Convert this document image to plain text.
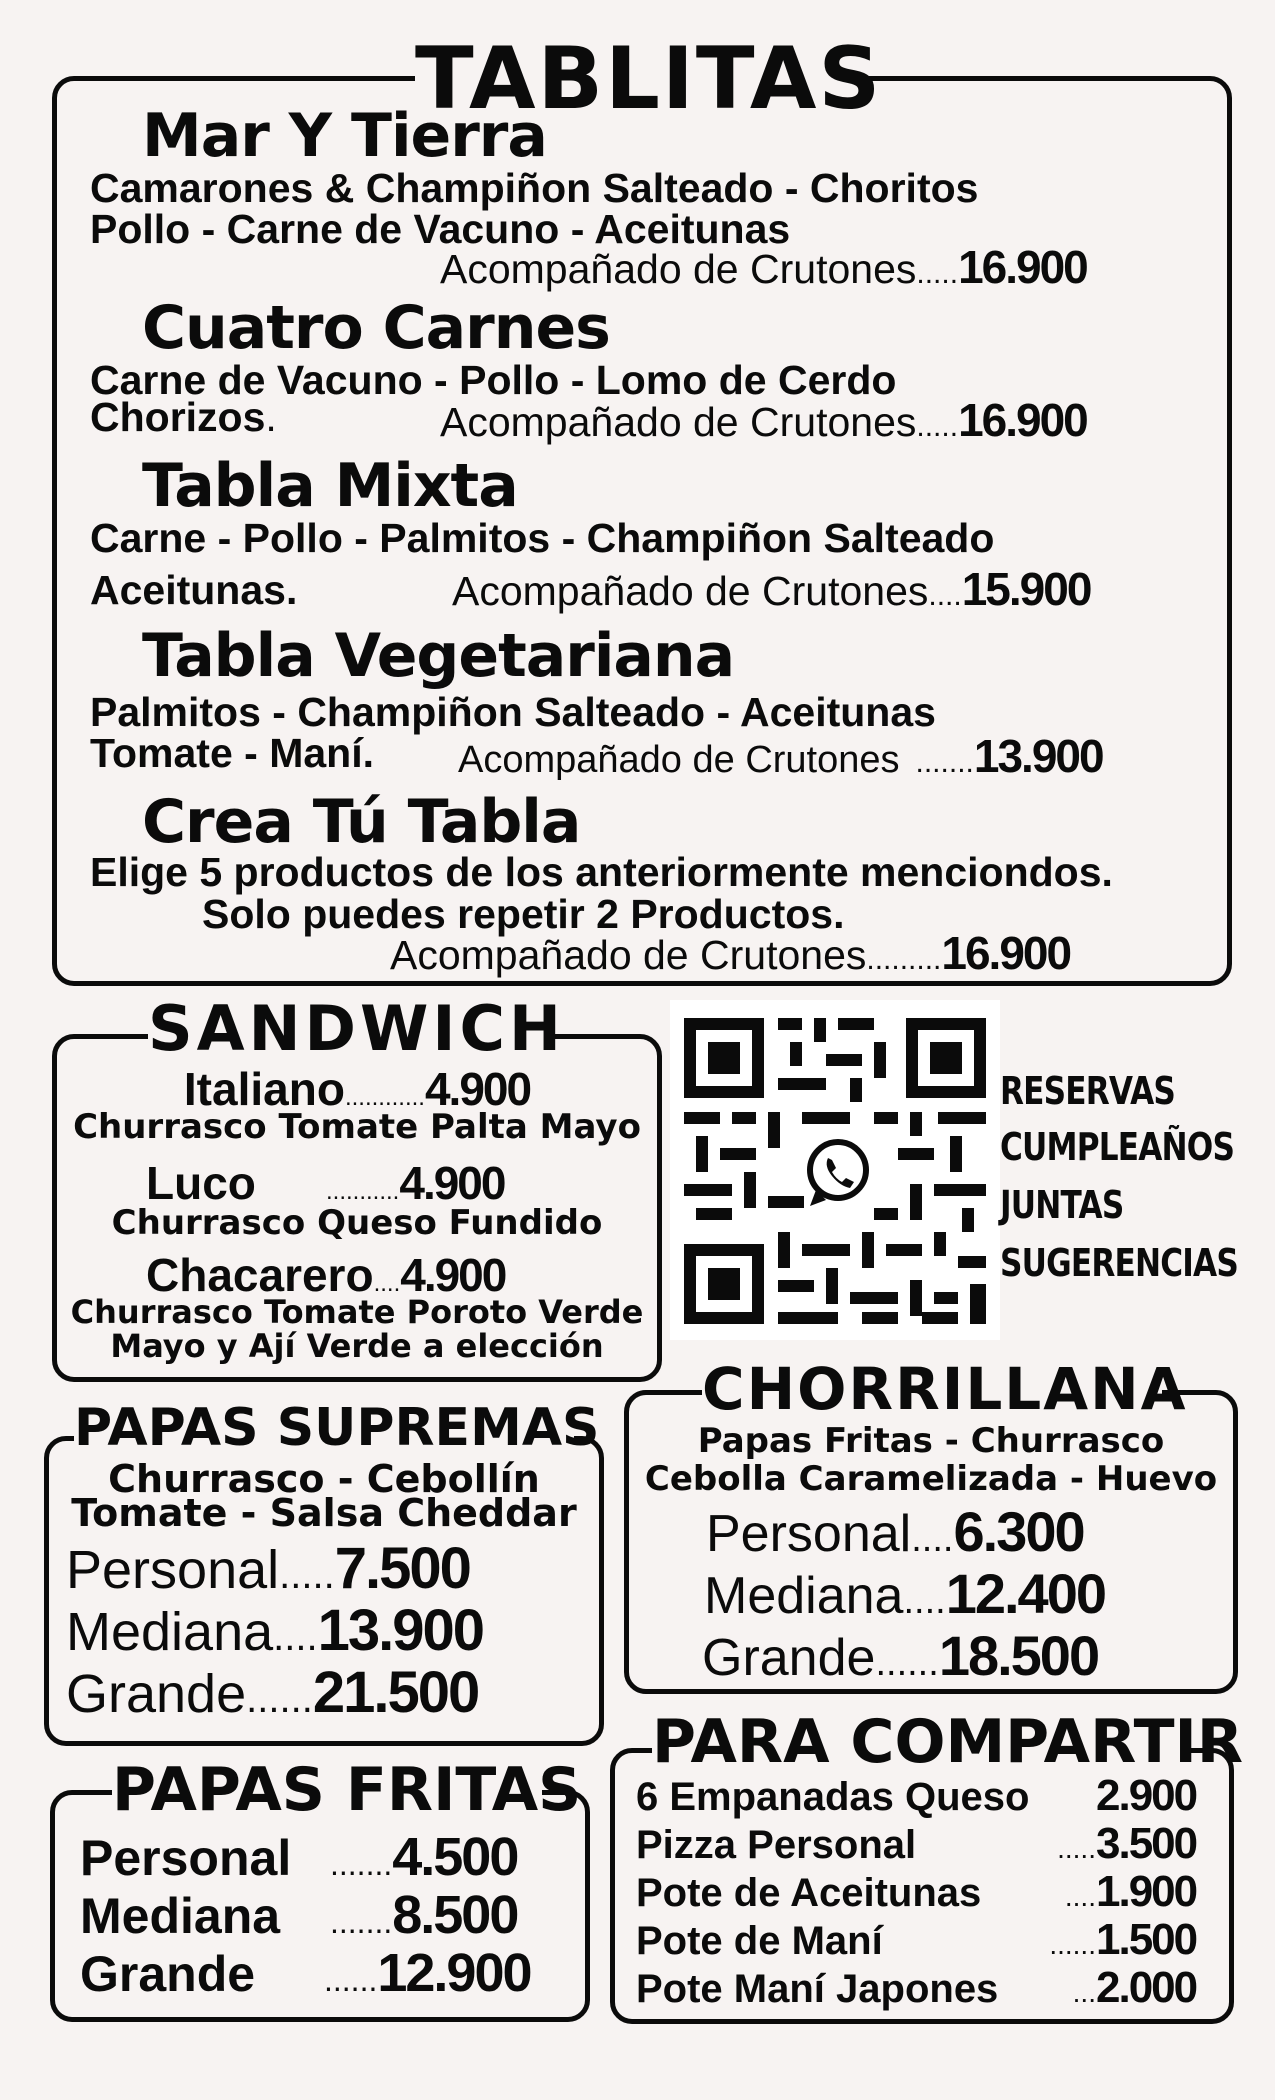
TABLITAS
Mar Y Tierra
Camarones & Champiñon Salteado - Choritos
Pollo - Carne de Vacuno - Aceitunas
Acompañado de Crutones ..... 16.900
Cuatro Carnes
Carne de Vacuno - Pollo - Lomo de Cerdo
Chorizos .	Acompañado de Crutones ..... 16.900
Tabla Mixta
Carne - Pollo - Palmitos - Champiñon Salteado
Aceitunas.	Acompañado de Crutones .... 15.900
Tabla Vegetariana
Palmitos - Champiñon Salteado - Aceitunas
Tomate - Maní. Acompañado de Crutones ....... 13.900
Crea Tú Tabla
Elige 5 productos de los anteriormente menciondos.
Solo puedes repetir 2 Productos.
Acompañado de Crutones ......... 16.900
SANDWICH
Italiano ............ 4.900
Churrasco Tomate Palta Mayo
Luco	........... 4.900
Churrasco Queso Fundido
Chacarero .... 4.900
Churrasco Tomate Poroto Verde
Mayo y Ají Verde a elección
RESERVAS
CUMPLEAÑOS
JUNTAS
SUGERENCIAS
PAPAS SUPREMAS
Churrasco - Cebollín
Tomate - Salsa Cheddar
Personal.....7.500
Mediana....13.900
Grande......21.500
CHORRILLANA
Papas Fritas - Churrasco
Cebolla Caramelizada - Huevo
Personal....6.300
Mediana....12.400
Grande......18.500
PAPAS FRITAS
Personal .......4.500
Mediana .......8.500
Grande ......12.900
PARA COMPARTIR
6 Empanadas Queso 2.900
Pizza Personal	.....3.500
Pote de Aceitunas	....1.900
Pote de Maní	......1.500
Pote Maní Japones	...2.000
